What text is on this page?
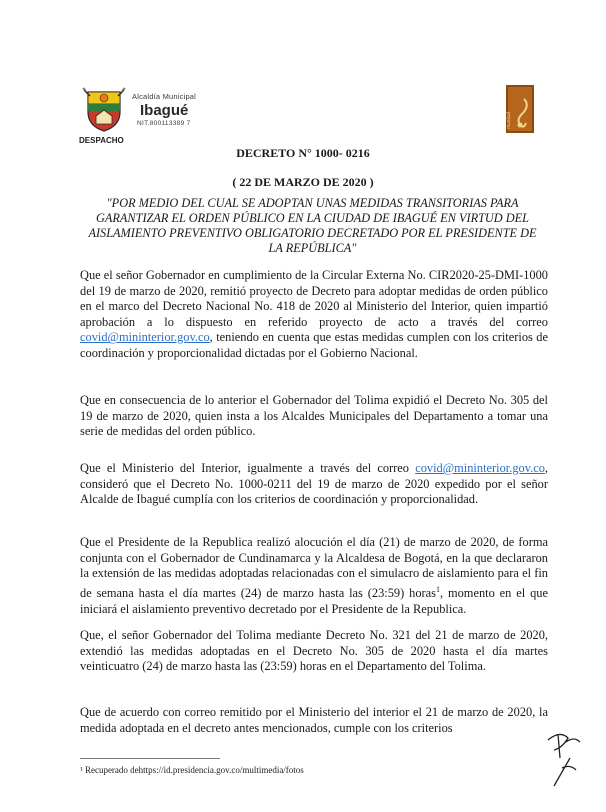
Alcaldía Municipal
Ibagué
NIT.800113389 7
DESPACHO
musical
DECRETO N° 1000- 0216
( 22 DE MARZO DE 2020 )
"POR MEDIO DEL CUAL SE ADOPTAN UNAS MEDIDAS TRANSITORIAS PARA GARANTIZAR EL ORDEN PÚBLICO EN LA CIUDAD DE IBAGUÉ EN VIRTUD DEL AISLAMIENTO PREVENTIVO OBLIGATORIO DECRETADO POR EL PRESIDENTE DE LA REPÚBLICA"

Que el señor Gobernador en cumplimiento de la Circular Externa No. CIR2020-25-DMI-1000 del 19 de marzo de 2020, remitió proyecto de Decreto para adoptar medidas de orden público en el marco del Decreto Nacional No. 418 de 2020 al Ministerio del Interior, quien impartió aprobación a lo dispuesto en referido proyecto de acto a través del correo covid@mininterior.gov.co, teniendo en cuenta que estas medidas cumplen con los criterios de coordinación y proporcionalidad dictadas por el Gobierno Nacional.

Que en consecuencia de lo anterior el Gobernador del Tolima expidió el Decreto No. 305 del 19 de marzo de 2020, quien insta a los Alcaldes Municipales del Departamento a tomar una serie de medidas del orden público.

Que el Ministerio del Interior, igualmente a través del correo covid@mininterior.gov.co, consideró que el Decreto No. 1000-0211 del 19 de marzo de 2020 expedido por el señor Alcalde de Ibagué cumplía con los criterios de coordinación y proporcionalidad.

Que el Presidente de la Republica realizó alocución el día (21) de marzo de 2020, de forma conjunta con el Gobernador de Cundinamarca y la Alcaldesa de Bogotá, en la que declararon la extensión de las medidas adoptadas relacionadas con el simulacro de aislamiento para el fin de semana hasta el día martes (24) de marzo hasta las (23:59) horas$^1$, momento en el que iniciará el aislamiento preventivo decretado por el Presidente de la Republica.

Que, el señor Gobernador del Tolima mediante Decreto No. 321 del 21 de marzo de 2020, extendió las medidas adoptadas en el Decreto No. 305 de 2020 hasta el día martes veinticuatro (24) de marzo hasta las (23:59) horas en el Departamento del Tolima.

Que de acuerdo con correo remitido por el Ministerio del interior el 21 de marzo de 2020, la medida adoptada en el decreto antes mencionados, cumple con los criterios

¹ Recuperado dehttps://id.presidencia.gov.co/multimedia/fotos
